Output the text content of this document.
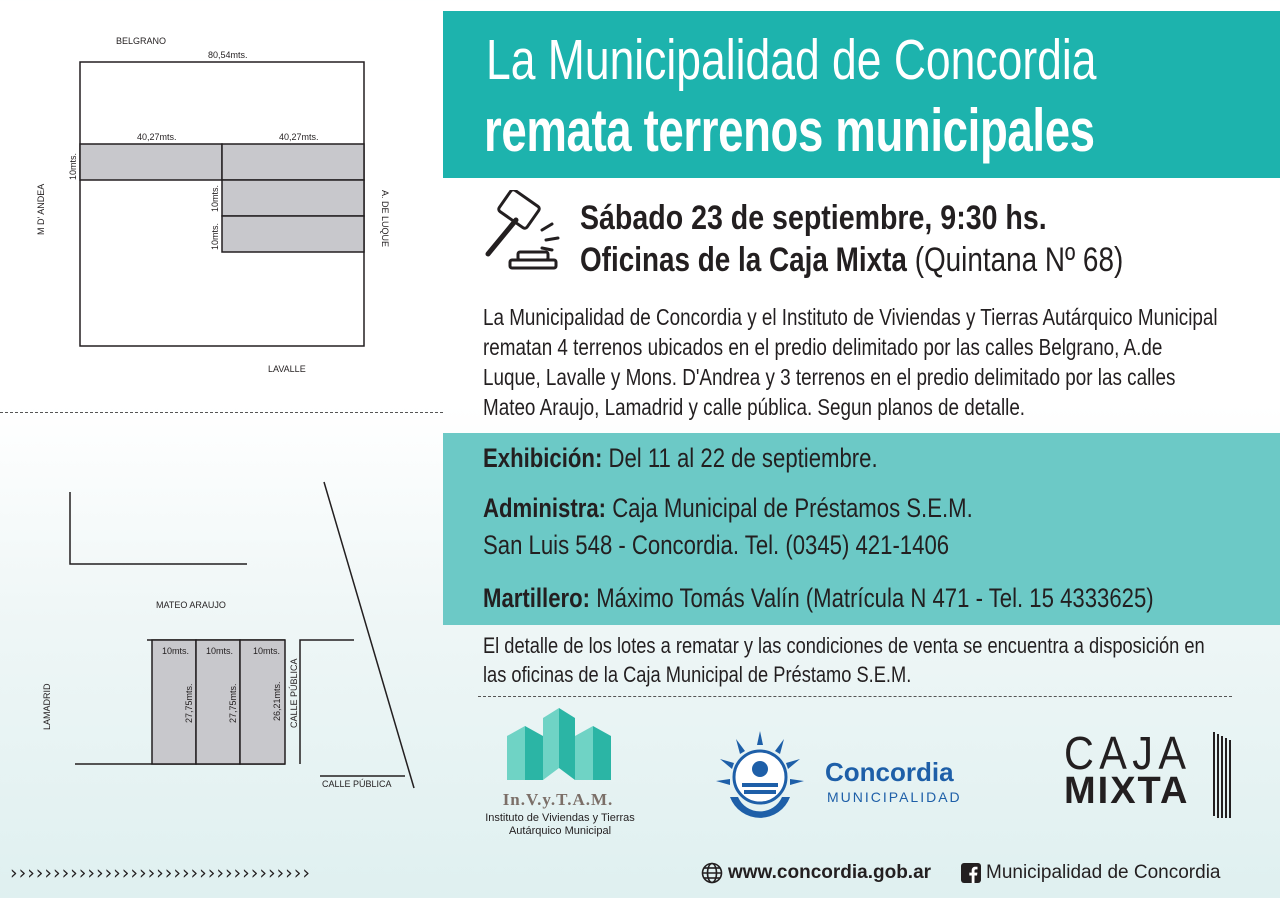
BELGRANO
80,54mts.
40,27mts.	40,27mts.
LAVALLE
M D' ANDEA	A. DE LUQUE
10mts.
10mts.
10mts.
MATEO ARAUJO
10mts. 10mts. 10mts.
27,75mts.	27,75mts.	26,21mts. CALLE PÚBLICA
LAMADRID
CALLE PÚBLICA
La Municipalidad de Concordia
remata terrenos municipales
Sábado 23 de septiembre, 9:30 hs.
Oficinas de la Caja Mixta (Quintana Nº 68)
La Municipalidad de Concordia y el Instituto de Viviendas y Tierras Autárquico Municipal rematan 4 terrenos ubicados en el predio delimitado por las calles Belgrano, A.de Luque, Lavalle y Mons. D'Andrea y 3 terrenos en el predio delimitado por las calles Mateo Araujo, Lamadrid y calle pública. Segun planos de detalle.
Exhibición: Del 11 al 22 de septiembre.
Administra: Caja Municipal de Préstamos S.E.M.
San Luis 548 - Concordia. Tel. (0345) 421-1406
Martillero: Máximo Tomás Valín (Matrícula N 471 - Tel. 15 4333625)
El detalle de los lotes a rematar y las condiciones de venta se encuentra a disposición en las oficinas de la Caja Municipal de Préstamo S.E.M.
In.V.y.T.A.M.
Instituto de Viviendas y Tierras
Autárquico Municipal
Concordia
MUNICIPALIDAD
CAJA
MIXTA
›››››››››››››››››››››››››››››››››››	www.concordia.gob.ar	Municipalidad de Concordia
